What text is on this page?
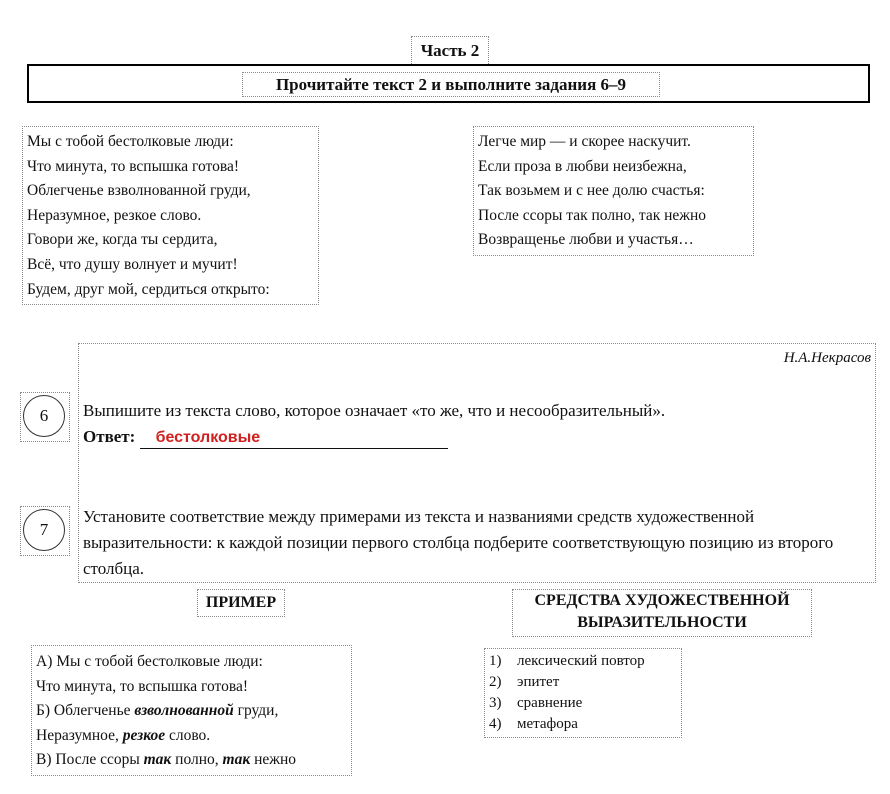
Часть 2
Прочитайте текст 2 и выполните задания 6–9
Мы с тобой бестолковые люди:
Что минута, то вспышка готова!
Облегченье взволнованной груди,
Неразумное, резкое слово.
Говори же, когда ты сердита,
Всё, что душу волнует и мучит!
Будем, друг мой, сердиться открыто:
Легче мир — и скорее наскучит.
Если проза в любви неизбежна,
Так возьмем и с нее долю счастья:
После ссоры так полно, так нежно
Возвращенье любви и участья…
Н.А.Некрасов
6	Выпишите из текста слово, которое означает «то же, что и несообразительный».
Ответ: бестолковые
7
Установите соответствие между примерами из текста и названиями средств художественной выразительности: к каждой позиции первого столбца подберите соответствующую позицию из второго столбца.
ПРИМЕР	СРЕДСТВА ХУДОЖЕСТВЕННОЙ
ВЫРАЗИТЕЛЬНОСТИ
А) Мы с тобой бестолковые люди:
Что минута, то вспышка готова!
Б) Облегченье взволнованной груди,
Неразумное, резкое слово.
В) После ссоры так полно, так нежно
1) лексический повтор
2) эпитет
3) сравнение
4) метафора
